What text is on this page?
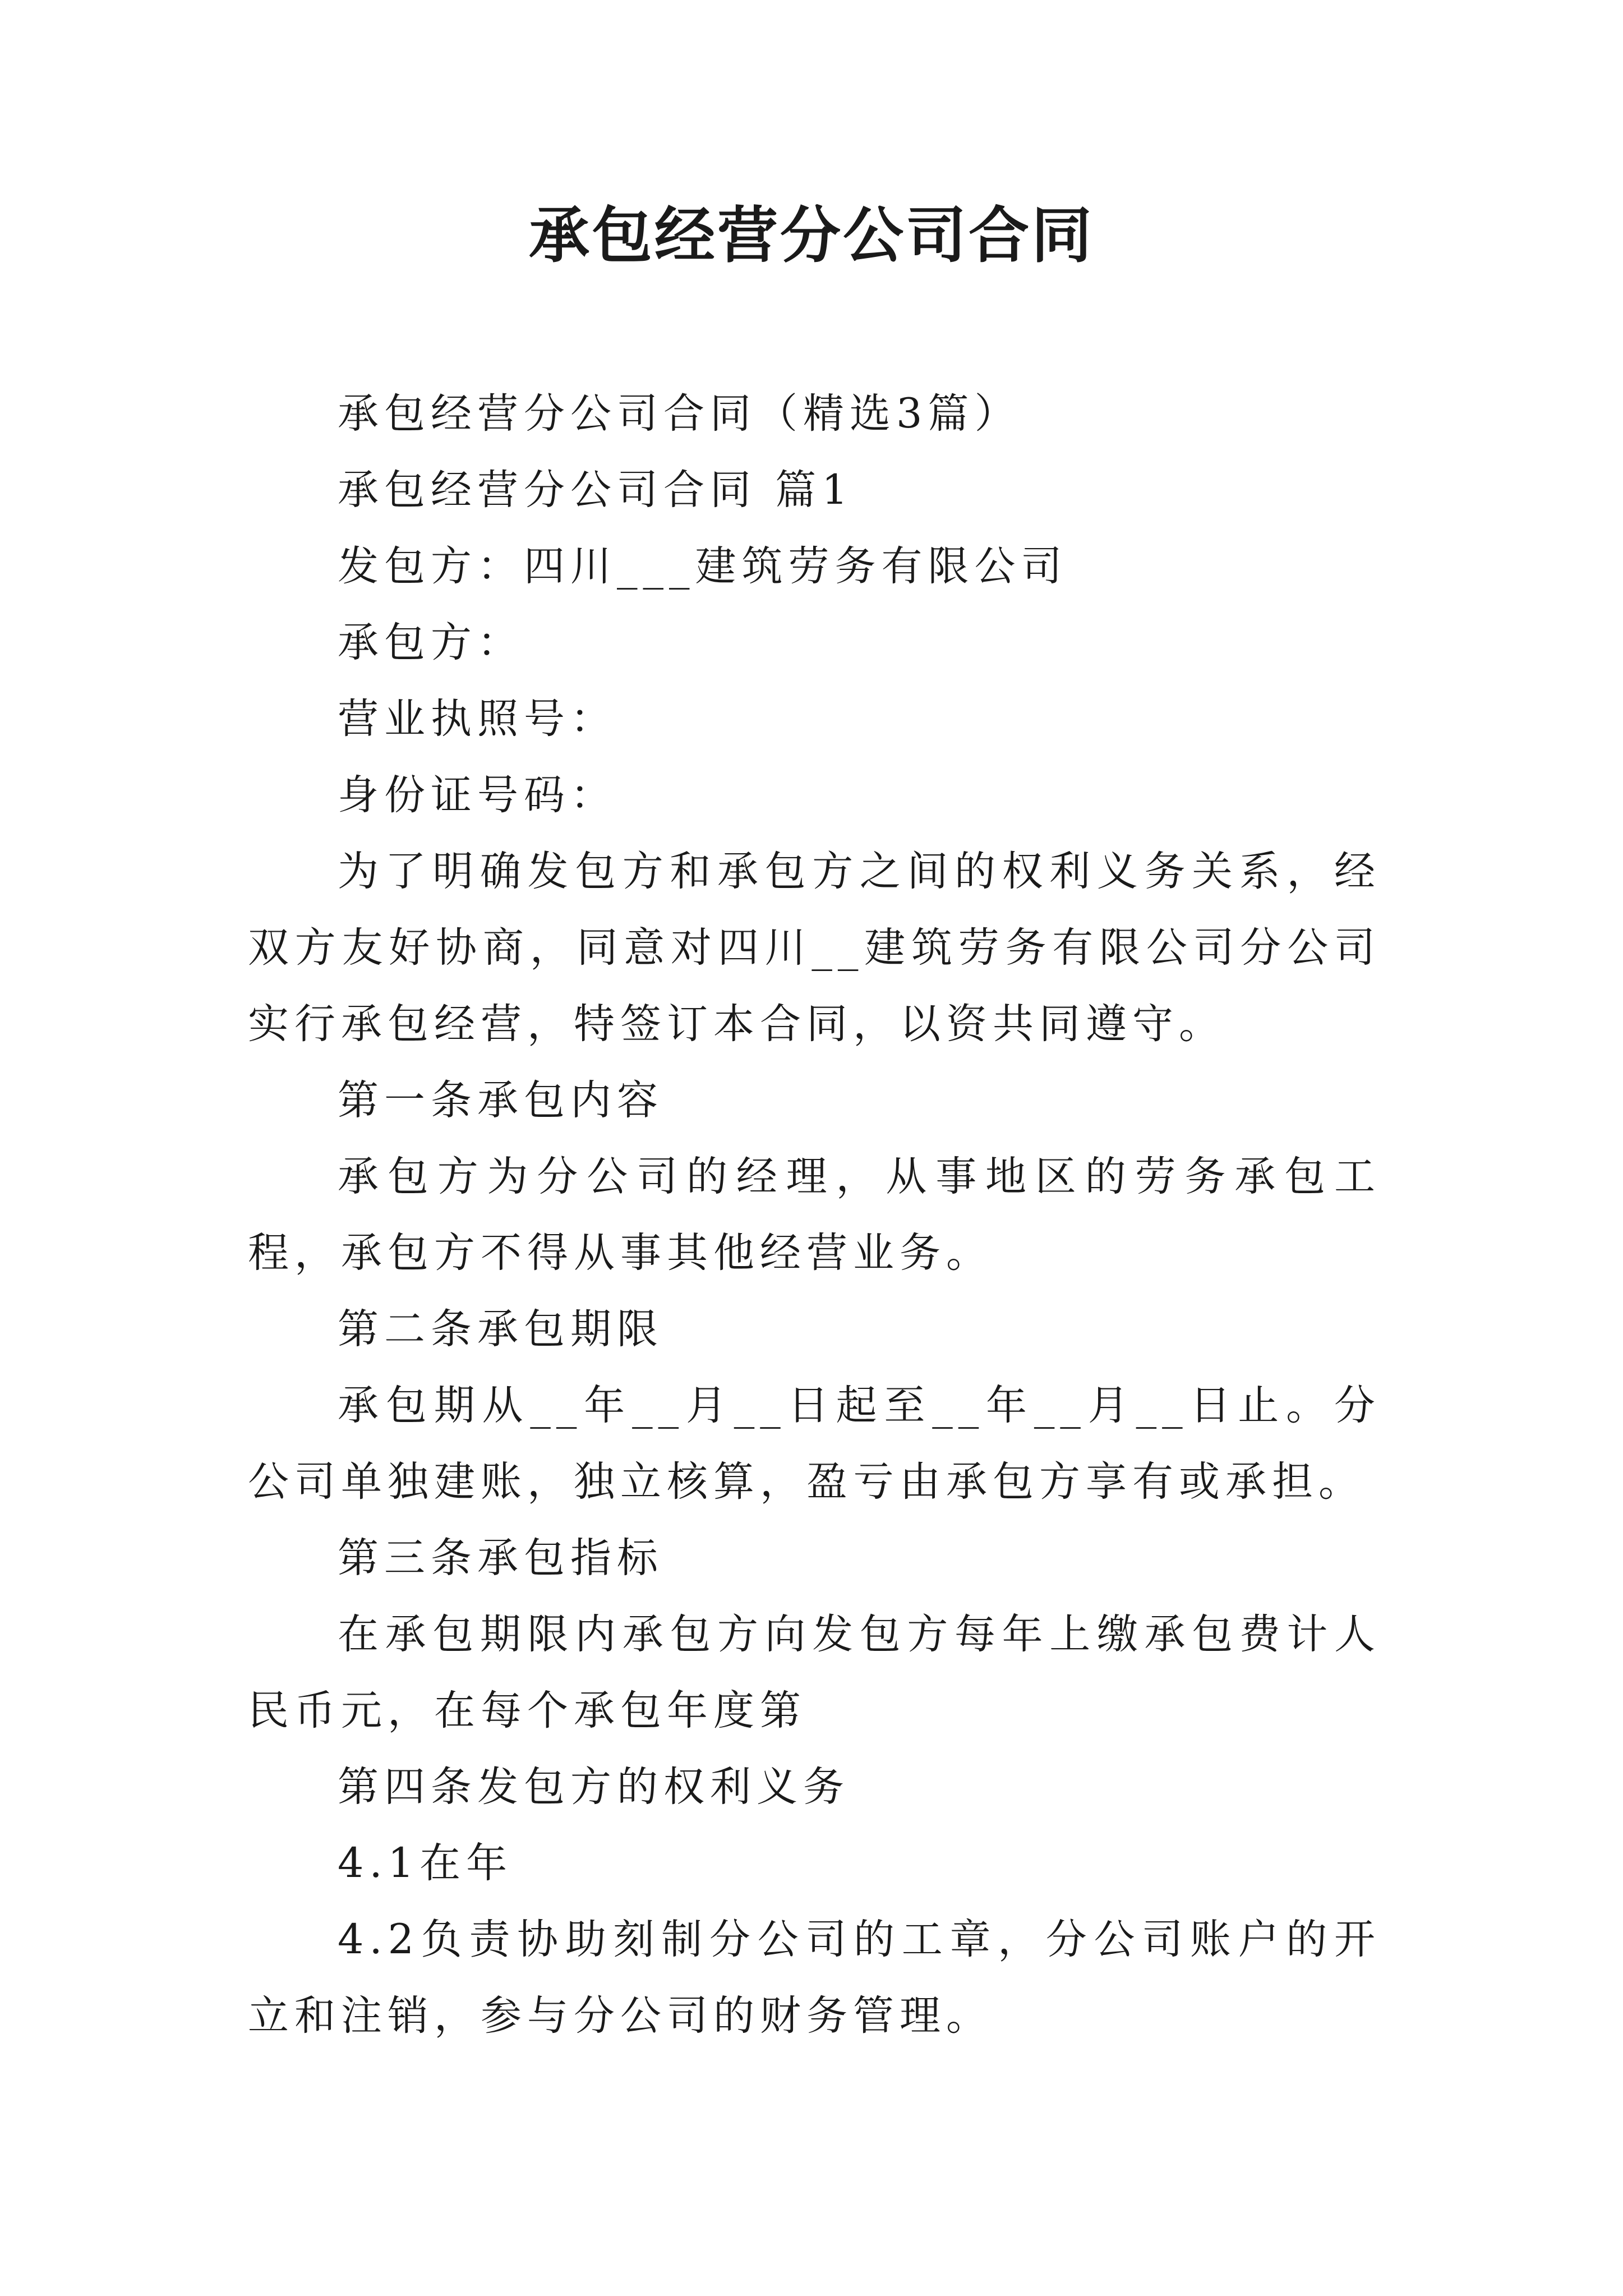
承包经营分公司合同

承包经营分公司合同（精选3篇）

承包经营分公司合同 篇1

发包方：四川___建筑劳务有限公司

承包方：

营业执照号：

身份证号码：

为了明确发包方和承包方之间的权利义务关系，经双方友好协商，同意对四川__建筑劳务有限公司分公司实行承包经营，特签订本合同，以资共同遵守。

第一条承包内容

承包方为分公司的经理，从事地区的劳务承包工程，承包方不得从事其他经营业务。

第二条承包期限

承包期从__年__月__日起至__年__月__日止。分公司单独建账，独立核算，盈亏由承包方享有或承担。

第三条承包指标

在承包期限内承包方向发包方每年上缴承包费计人民币元，在每个承包年度第

第四条发包方的权利义务

4.1在年

4.2负责协助刻制分公司的工章，分公司账户的开立和注销，参与分公司的财务管理。
